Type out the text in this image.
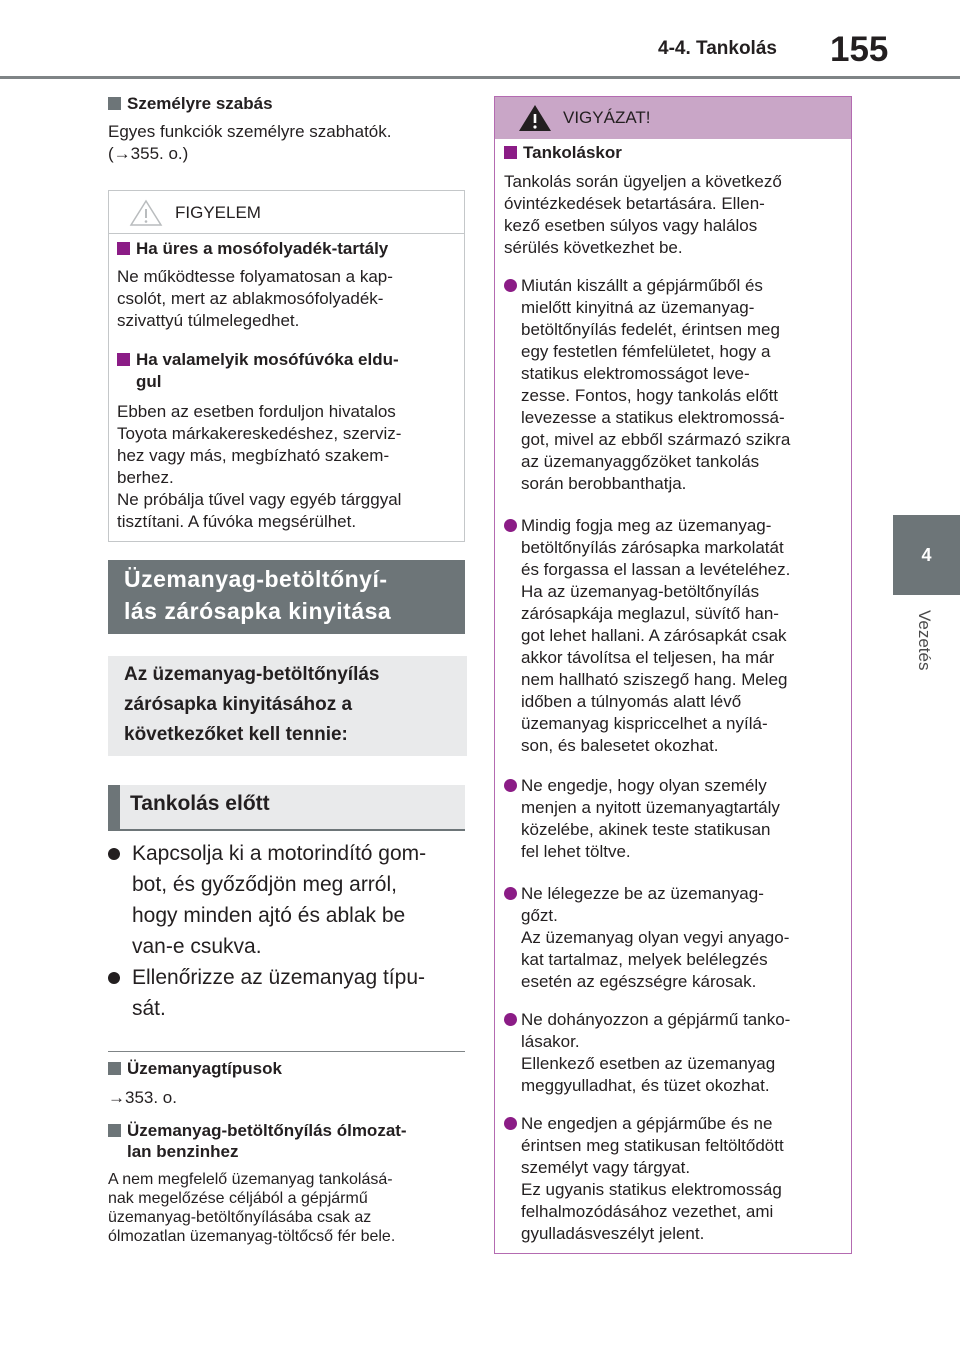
4-4. Tankolás 155
4
Vezetés
Személyre szabás
Egyes funkciók személyre szabhatók.
(→355. o.)
FIGYELEM
Ha üres a mosófolyadék-tartály
Ne működtesse folyamatosan a kap-
csolót, mert az ablakmosófolyadék-
szivattyú túlmelegedhet.
Ha valamelyik mosófúvóka eldu-
gul
Ebben az esetben forduljon hivatalos
Toyota márkakereskedéshez, szerviz-
hez vagy más, megbízható szakem-
berhez.
Ne próbálja tűvel vagy egyéb tárggyal
tisztítani. A fúvóka megsérülhet.
Üzemanyag-betöltőnyí-
lás zárósapka kinyitása
Az üzemanyag-betöltőnyílás
zárósapka kinyitásához a
következőket kell tennie:
Tankolás előtt
Kapcsolja ki a motorindító gom-
bot, és győződjön meg arról,
hogy minden ajtó és ablak be
van-e csukva.
Ellenőrizze az üzemanyag típu-
sát.
Üzemanyagtípusok
→353. o.
Üzemanyag-betöltőnyílás ólmozat-
lan benzinhez
A nem megfelelő üzemanyag tankolásá-
nak megelőzése céljából a gépjármű
üzemanyag-betöltőnyílásába csak az
ólmozatlan üzemanyag-töltőcső fér bele.
VIGYÁZAT!
Tankoláskor
Tankolás során ügyeljen a következő
óvintézkedések betartására. Ellen-
kező esetben súlyos vagy halálos
sérülés következhet be.
Miután kiszállt a gépjárműből és
mielőtt kinyitná az üzemanyag-
betöltőnyílás fedelét, érintsen meg
egy festetlen fémfelületet, hogy a
statikus elektromosságot leve-
zesse. Fontos, hogy tankolás előtt
levezesse a statikus elektromossá-
got, mivel az ebből származó szikra
az üzemanyaggőzöket tankolás
során berobbanthatja.
Mindig fogja meg az üzemanyag-
betöltőnyílás zárósapka markolatát
és forgassa el lassan a levételéhez.
Ha az üzemanyag-betöltőnyílás
zárósapkája meglazul, süvítő han-
got lehet hallani. A zárósapkát csak
akkor távolítsa el teljesen, ha már
nem hallható sziszegő hang. Meleg
időben a túlnyomás alatt lévő
üzemanyag kispriccelhet a nyílá-
son, és balesetet okozhat.
Ne engedje, hogy olyan személy
menjen a nyitott üzemanyagtartály
közelébe, akinek teste statikusan
fel lehet töltve.
Ne lélegezze be az üzemanyag-
gőzt.
Az üzemanyag olyan vegyi anyago-
kat tartalmaz, melyek belélegzés
esetén az egészségre károsak.
Ne dohányozzon a gépjármű tanko-
lásakor.
Ellenkező esetben az üzemanyag
meggyulladhat, és tüzet okozhat.
Ne engedjen a gépjárműbe és ne
érintsen meg statikusan feltöltődött
személyt vagy tárgyat.
Ez ugyanis statikus elektromosság
felhalmozódásához vezethet, ami
gyulladásveszélyt jelent.
